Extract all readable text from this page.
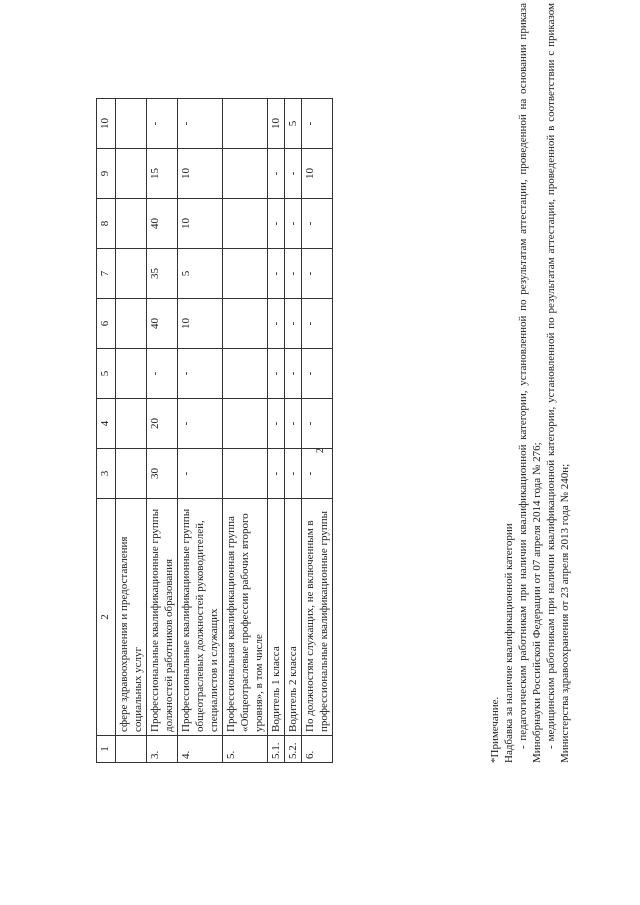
2
1	2	3	4	5	6	7	8	9	10
	сфере здравоохранения и предоставления социальных услуг								
3.	Профессиональные квалификационные группы должностей работников образования	30	20	-	40	35	40	15	-
4.	Профессиональные квалификационные группы общеотраслевых должностей руководителей, специалистов и служащих	-	-	-	10	5	10	10	-
5.	Профессиональная квалификационная группа «Общеотраслевые профессии рабочих второго уровня», в том числе								
5.1.	Водитель 1 класса	-	-	-	-	-	-	-	10
5.2.	Водитель 2 класса	-	-	-	-	-	-	-	5
6.	По должностям служащих, не включенным в профессиональные квалификационные группы	-	-	-	-	-	-	10	-

*Примечание. Надбавка за наличие квалификационной категории - педагогическим работникам при наличии квалификационной категории, установленной по результатам аттестации, проведенной на основании приказа Минобрнауки Российской Федерации от 07 апреля 2014 года № 276; - медицинским работникам при наличии квалификационной категории, установленной по результатам аттестации, проведенной в соответствии с приказом Министерства здравоохранения от 23 апреля 2013 года № 240н;
